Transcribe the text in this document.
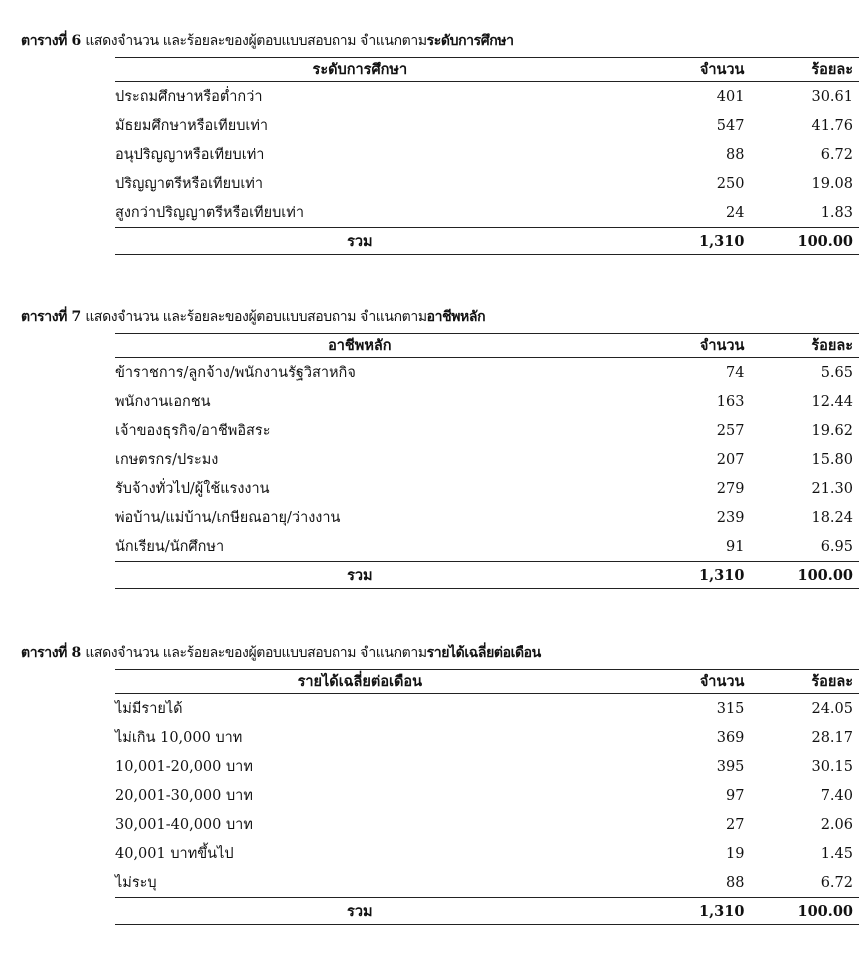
ตารางที่ 6 แสดงจำนวน และร้อยละของผู้ตอบแบบสอบถาม จำแนกตามระดับการศึกษา
ระดับการศึกษา	จำนวน	ร้อยละ
ประถมศึกษาหรือต่ำกว่า	401	30.61
มัธยมศึกษาหรือเทียบเท่า	547	41.76
อนุปริญญาหรือเทียบเท่า	88	6.72
ปริญญาตรีหรือเทียบเท่า	250	19.08
สูงกว่าปริญญาตรีหรือเทียบเท่า	24	1.83
รวม	1,310	100.00
ตารางที่ 7 แสดงจำนวน และร้อยละของผู้ตอบแบบสอบถาม จำแนกตามอาชีพหลัก
อาชีพหลัก	จำนวน	ร้อยละ
ข้าราชการ/ลูกจ้าง/พนักงานรัฐวิสาหกิจ	74	5.65
พนักงานเอกชน	163	12.44
เจ้าของธุรกิจ/อาชีพอิสระ	257	19.62
เกษตรกร/ประมง	207	15.80
รับจ้างทั่วไป/ผู้ใช้แรงงาน	279	21.30
พ่อบ้าน/แม่บ้าน/เกษียณอายุ/ว่างงาน	239	18.24
นักเรียน/นักศึกษา	91	6.95
รวม	1,310	100.00
ตารางที่ 8 แสดงจำนวน และร้อยละของผู้ตอบแบบสอบถาม จำแนกตามรายได้เฉลี่ยต่อเดือน
รายได้เฉลี่ยต่อเดือน	จำนวน	ร้อยละ
ไม่มีรายได้	315	24.05
ไม่เกิน 10,000 บาท	369	28.17
10,001-20,000 บาท	395	30.15
20,001-30,000 บาท	97	7.40
30,001-40,000 บาท	27	2.06
40,001 บาทขึ้นไป	19	1.45
ไม่ระบุ	88	6.72
รวม	1,310	100.00
